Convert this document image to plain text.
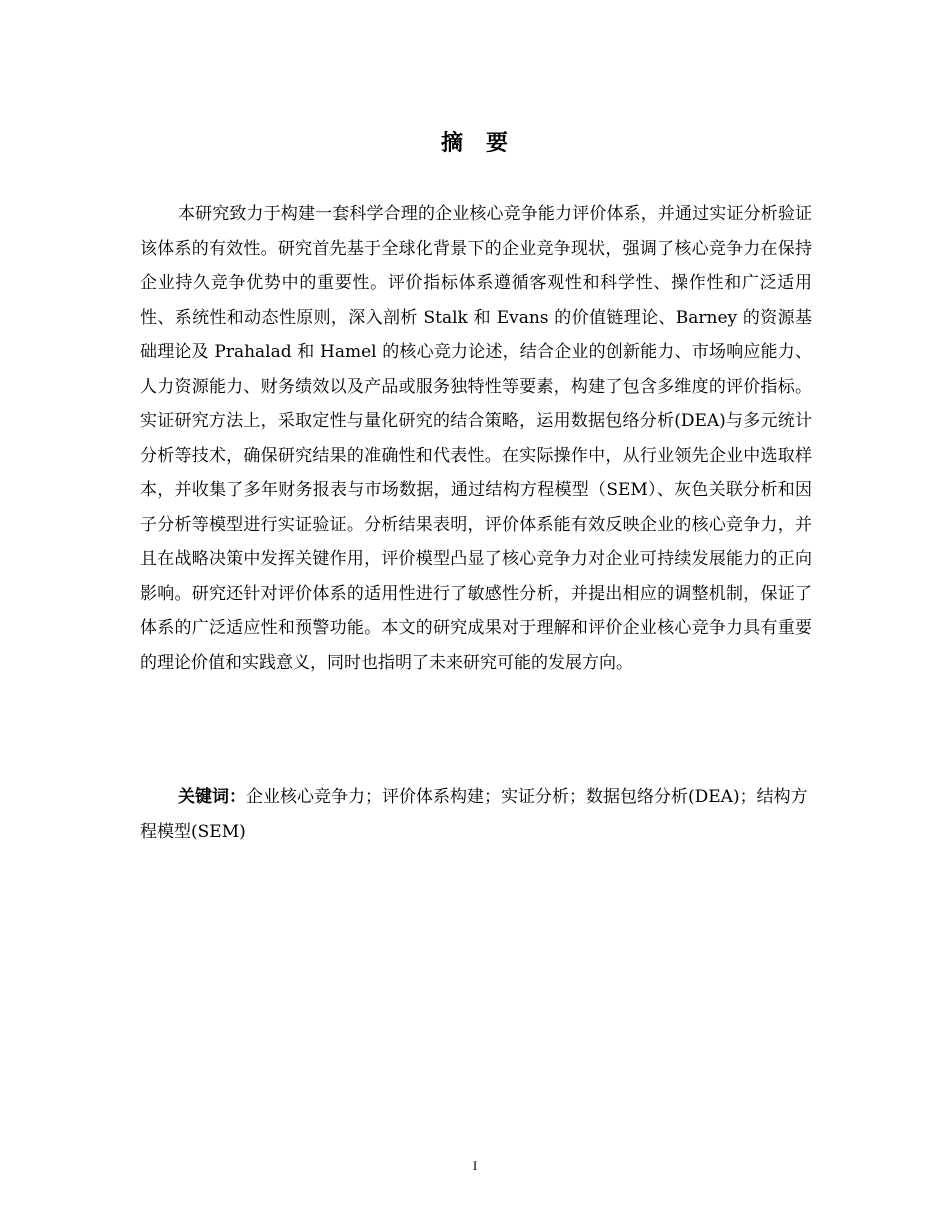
摘 要

本研究致力于构建一套科学合理的企业核心竞争能力评价体系，并通过实证分析验证该体系的有效性。研究首先基于全球化背景下的企业竞争现状，强调了核心竞争力在保持企业持久竞争优势中的重要性。评价指标体系遵循客观性和科学性、操作性和广泛适用性、系统性和动态性原则，深入剖析 Stalk 和 Evans 的价值链理论、Barney 的资源基础理论及 Prahalad 和 Hamel 的核心竞力论述，结合企业的创新能力、市场响应能力、人力资源能力、财务绩效以及产品或服务独特性等要素，构建了包含多维度的评价指标。实证研究方法上，采取定性与量化研究的结合策略，运用数据包络分析(DEA)与多元统计分析等技术，确保研究结果的准确性和代表性。在实际操作中，从行业领先企业中选取样本，并收集了多年财务报表与市场数据，通过结构方程模型（SEM）、灰色关联分析和因子分析等模型进行实证验证。分析结果表明，评价体系能有效反映企业的核心竞争力，并且在战略决策中发挥关键作用，评价模型凸显了核心竞争力对企业可持续发展能力的正向影响。研究还针对评价体系的适用性进行了敏感性分析，并提出相应的调整机制，保证了体系的广泛适应性和预警功能。本文的研究成果对于理解和评价企业核心竞争力具有重要的理论价值和实践意义，同时也指明了未来研究可能的发展方向。

关键词：企业核心竞争力；评价体系构建；实证分析；数据包络分析(DEA)；结构方程模型(SEM)

I
